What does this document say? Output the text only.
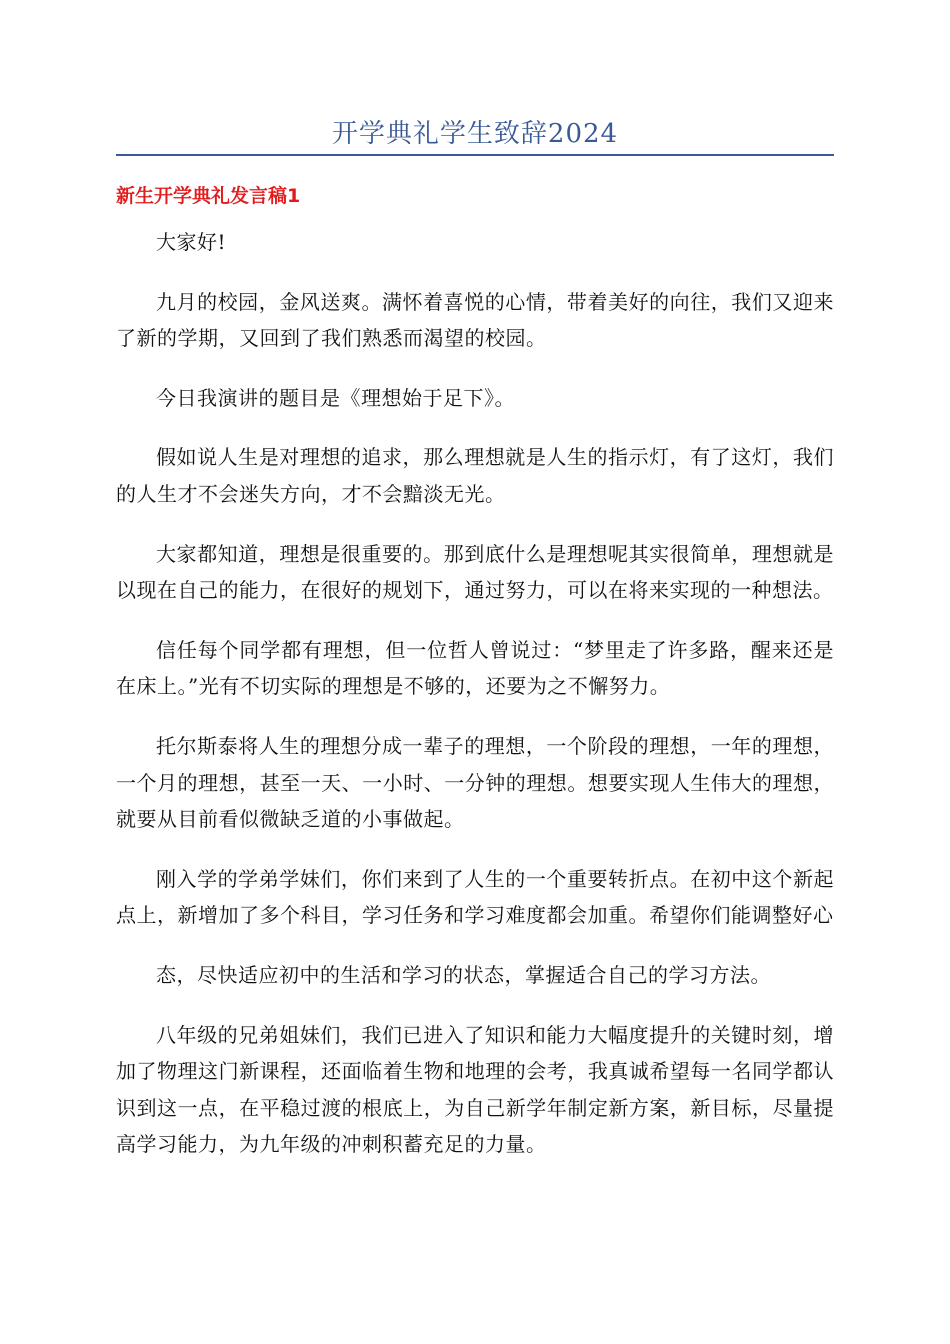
开学典礼学生致辞2024
新生开学典礼发言稿1

大家好!

九月的校园，金风送爽。满怀着喜悦的心情，带着美好的向往，我们又迎来了新的学期，又回到了我们熟悉而渴望的校园。

今日我演讲的题目是《理想始于足下》。

假如说人生是对理想的追求，那么理想就是人生的指示灯，有了这灯，我们的人生才不会迷失方向，才不会黯淡无光。

大家都知道，理想是很重要的。那到底什么是理想呢其实很简单，理想就是以现在自己的能力，在很好的规划下，通过努力，可以在将来实现的一种想法。

信任每个同学都有理想，但一位哲人曾说过：“梦里走了许多路，醒来还是在床上。”光有不切实际的理想是不够的，还要为之不懈努力。

托尔斯泰将人生的理想分成一辈子的理想，一个阶段的理想，一年的理想，一个月的理想，甚至一天、一小时、一分钟的理想。想要实现人生伟大的理想，就要从目前看似微缺乏道的小事做起。

刚入学的学弟学妹们，你们来到了人生的一个重要转折点。在初中这个新起点上，新增加了多个科目，学习任务和学习难度都会加重。希望你们能调整好心

态，尽快适应初中的生活和学习的状态，掌握适合自己的学习方法。

八年级的兄弟姐妹们，我们已进入了知识和能力大幅度提升的关键时刻，增加了物理这门新课程，还面临着生物和地理的会考，我真诚希望每一名同学都认识到这一点，在平稳过渡的根底上，为自己新学年制定新方案，新目标，尽量提高学习能力，为九年级的冲刺积蓄充足的力量。
